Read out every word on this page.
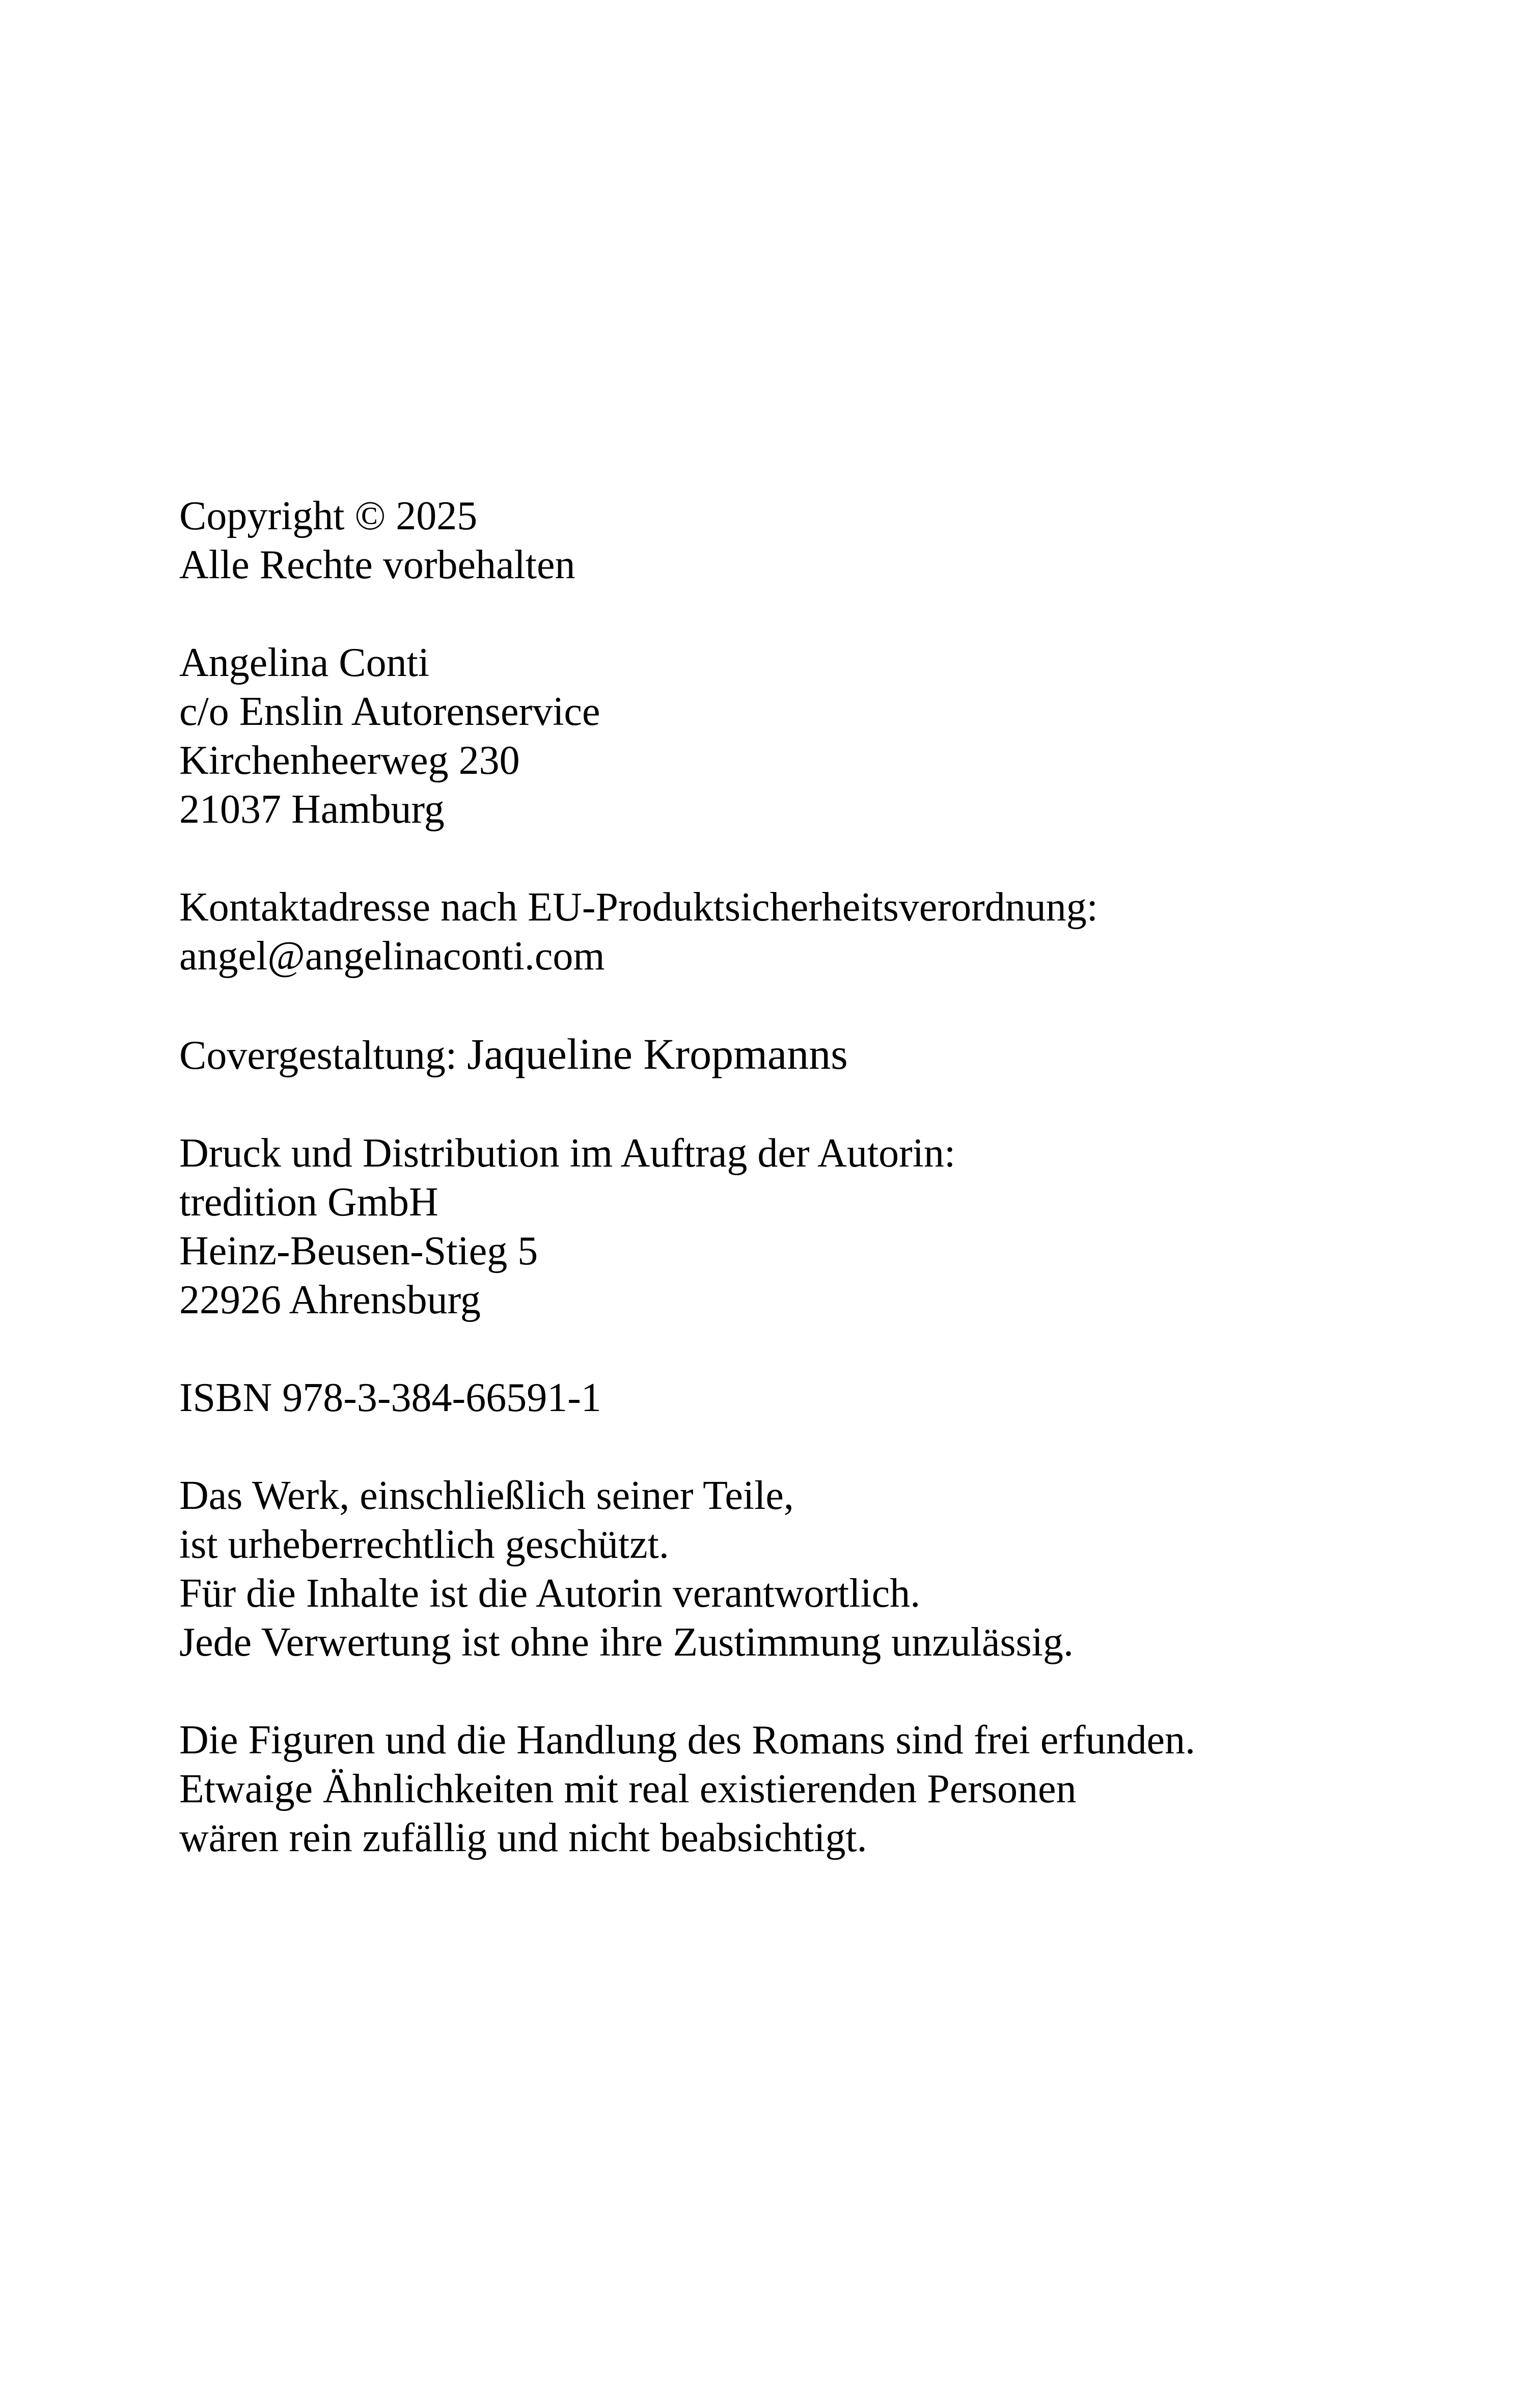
Copyright © 2025
Alle Rechte vorbehalten
Angelina Conti
c/o Enslin Autorenservice
Kirchenheerweg 230
21037 Hamburg
Kontaktadresse nach EU-Produktsicherheitsverordnung:
angel@angelinaconti.com
Covergestaltung: Jaqueline Kropmanns
Druck und Distribution im Auftrag der Autorin:
tredition GmbH
Heinz-Beusen-Stieg 5
22926 Ahrensburg
ISBN 978-3-384-66591-1
Das Werk, einschließlich seiner Teile,
ist urheberrechtlich geschützt.
Für die Inhalte ist die Autorin verantwortlich.
Jede Verwertung ist ohne ihre Zustimmung unzulässig.
Die Figuren und die Handlung des Romans sind frei erfunden.
Etwaige Ähnlichkeiten mit real existierenden Personen
wären rein zufällig und nicht beabsichtigt.
